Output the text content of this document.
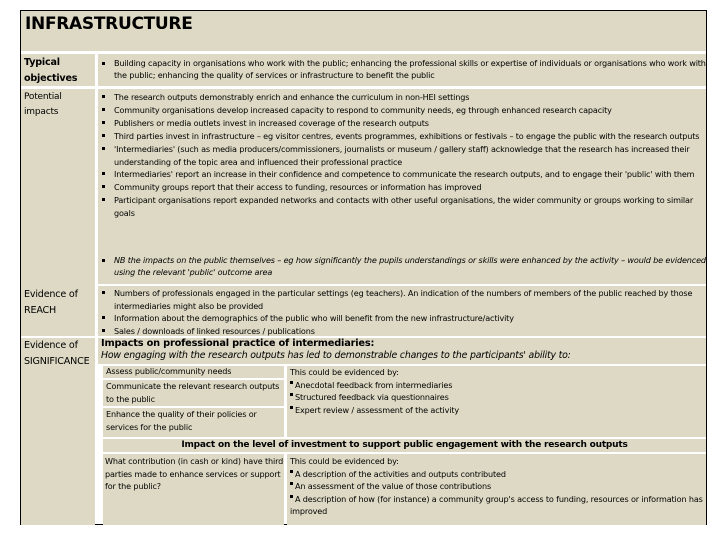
INFRASTRUCTURE
Typical objectives
Building capacity in organisations who work with the public; enhancing the professional skills or expertise of individuals or organisations who work with the public; enhancing the quality of services or infrastructure to benefit the public
Potential impacts
The research outputs demonstrably enrich and enhance the curriculum in non-HEI settings
Community organisations develop increased capacity to respond to community needs, eg through enhanced research capacity
Publishers or media outlets invest in increased coverage of the research outputs
Third parties invest in infrastructure – eg visitor centres, events programmes, exhibitions or festivals – to engage the public with the research outputs
'Intermediaries' (such as media producers/commissioners, journalists or museum / gallery staff) acknowledge that the research has increased their understanding of the topic area and influenced their professional practice
Intermediaries' report an increase in their confidence and competence to communicate the research outputs, and to engage their 'public' with them
Community groups report that their access to funding, resources or information has improved
Participant organisations report expanded networks and contacts with other useful organisations, the wider community or groups working to similar goals
Evidence of REACH
NB the impacts on the public themselves – eg how significantly the pupils understandings or skills were enhanced by the activity – would be evidenced using the relevant 'public' outcome area
Numbers of professionals engaged in the particular settings (eg teachers). An indication of the numbers of members of the public reached by those intermediaries might also be provided
Information about the demographics of the public who will benefit from the new infrastructure/activity
Sales / downloads of linked resources / publications
Evidence of SIGNIFICANCE
Impacts on professional practice of intermediaries:
How engaging with the research outputs has led to demonstrable changes to the participants' ability to:
Assess public/community needs
Communicate the relevant research outputs to the public
Enhance the quality of their policies or services for the public
This could be evidenced by:
Anecdotal feedback from intermediaries
Structured feedback via questionnaires
Expert review / assessment of the activity
Impact on the level of investment to support public engagement with the research outputs
What contribution (in cash or kind) have third parties made to enhance services or support for the public?
This could be evidenced by:
A description of the activities and outputs contributed
An assessment of the value of those contributions
A description of how (for instance) a community group's access to funding, resources or information has improved
